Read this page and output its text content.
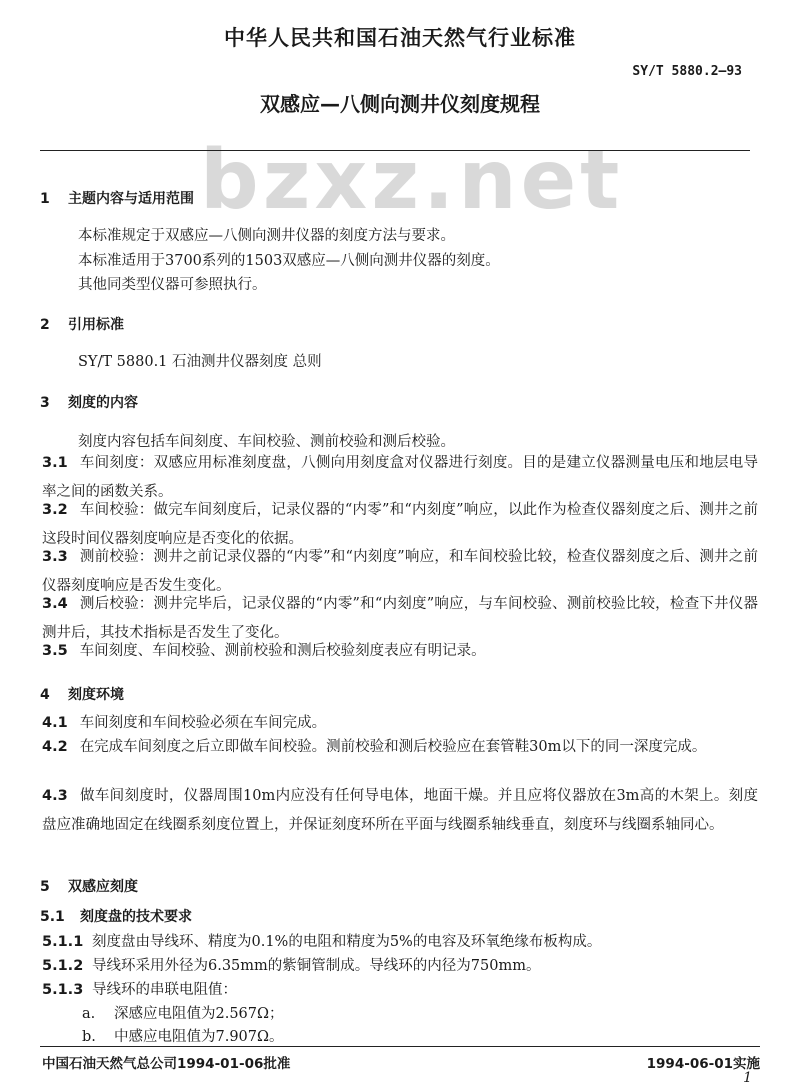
中华人民共和国石油天然气行业标准
SY/T 5880.2—93
双感应—八侧向测井仪刻度规程
bzxz.net
1 主题内容与适用范围
本标准规定于双感应—八侧向测井仪器的刻度方法与要求。
本标准适用于3700系列的1503双感应—八侧向测井仪器的刻度。
其他同类型仪器可参照执行。
2 引用标准
SY/T 5880.1 石油测井仪器刻度 总则
3 刻度的内容
刻度内容包括车间刻度、车间校验、测前校验和测后校验。
3.1 车间刻度：双感应用标准刻度盘，八侧向用刻度盒对仪器进行刻度。目的是建立仪器测量电压和地层电导率之间的函数关系。
3.2 车间校验：做完车间刻度后，记录仪器的“内零”和“内刻度”响应，以此作为检查仪器刻度之后、测井之前这段时间仪器刻度响应是否变化的依据。
3.3 测前校验：测井之前记录仪器的“内零”和“内刻度”响应，和车间校验比较，检查仪器刻度之后、测井之前仪器刻度响应是否发生变化。
3.4 测后校验：测井完毕后，记录仪器的“内零”和“内刻度”响应，与车间校验、测前校验比较，检查下井仪器测井后，其技术指标是否发生了变化。
3.5 车间刻度、车间校验、测前校验和测后校验刻度表应有明记录。
4 刻度环境
4.1 车间刻度和车间校验必须在车间完成。
4.2 在完成车间刻度之后立即做车间校验。测前校验和测后校验应在套管鞋30m以下的同一深度完成。
4.3 做车间刻度时，仪器周围10m内应没有任何导电体，地面干燥。并且应将仪器放在3m高的木架上。刻度盘应准确地固定在线圈系刻度位置上，并保证刻度环所在平面与线圈系轴线垂直，刻度环与线圈系轴同心。
5 双感应刻度
5.1 刻度盘的技术要求
5.1.1 刻度盘由导线环、精度为0.1%的电阻和精度为5%的电容及环氧绝缘布板构成。
5.1.2 导线环采用外径为6.35mm的紫铜管制成。导线环的内径为750mm。
5.1.3 导线环的串联电阻值：
a. 深感应电阻值为2.567Ω；
b. 中感应电阻值为7.907Ω。
中国石油天然气总公司1994-01-06批准	1994-06-01实施
1
